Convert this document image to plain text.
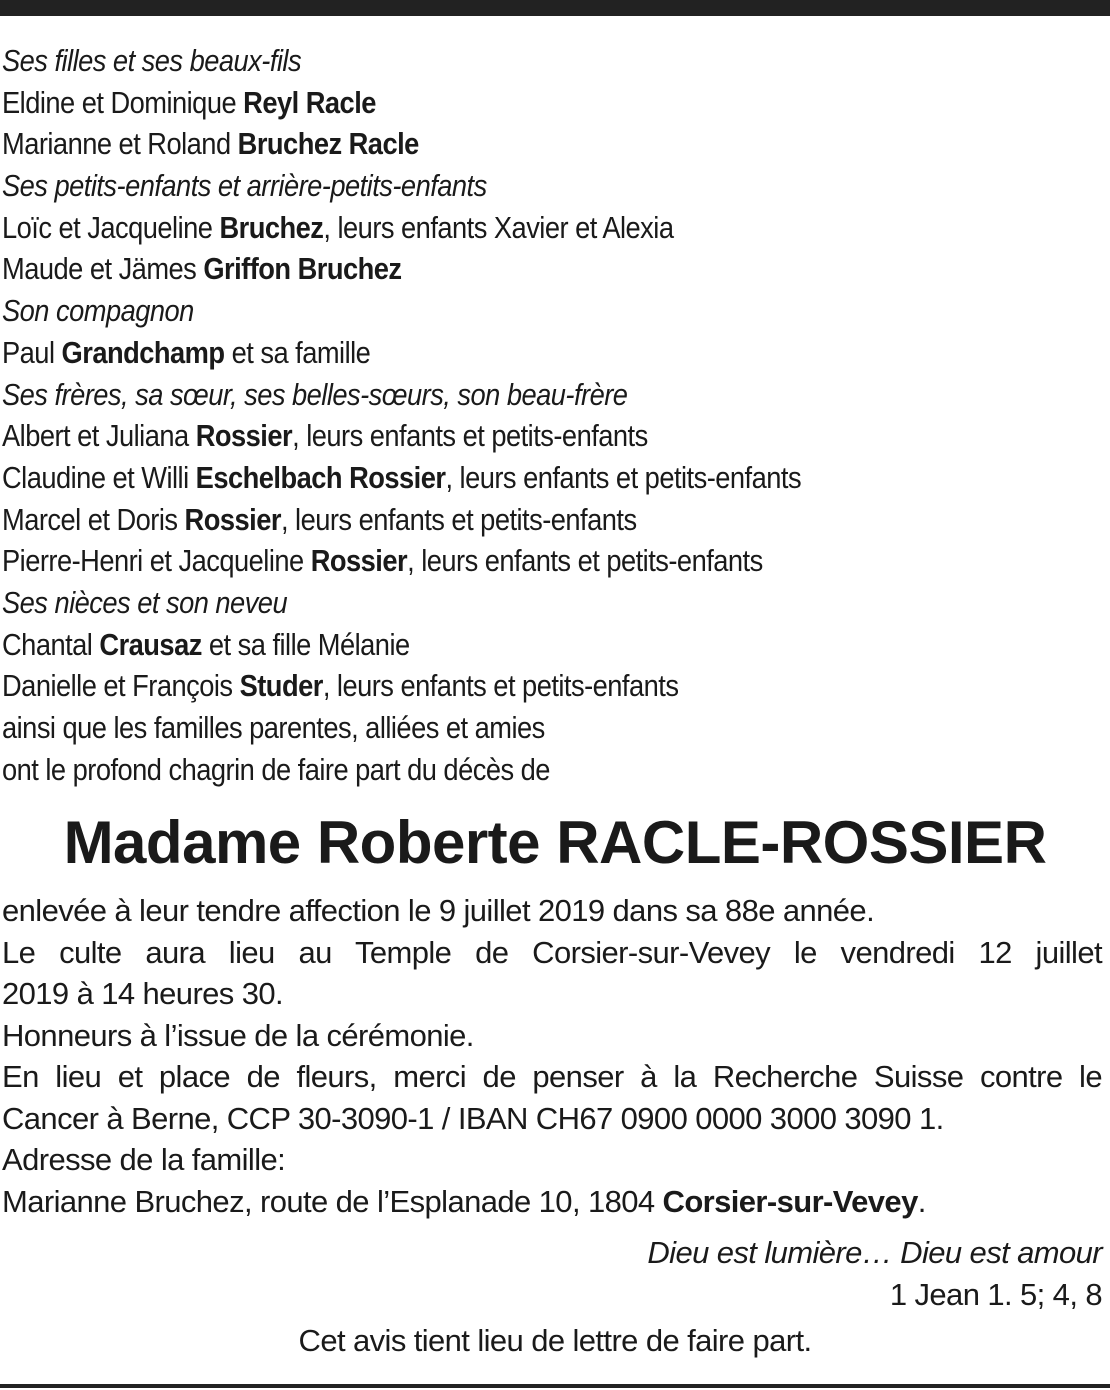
Ses filles et ses beaux-fils
Eldine et Dominique Reyl Racle
Marianne et Roland Bruchez Racle
Ses petits-enfants et arrière-petits-enfants
Loïc et Jacqueline Bruchez, leurs enfants Xavier et Alexia
Maude et Jämes Griffon Bruchez
Son compagnon
Paul Grandchamp et sa famille
Ses frères, sa sœur, ses belles-sœurs, son beau-frère
Albert et Juliana Rossier, leurs enfants et petits-enfants
Claudine et Willi Eschelbach Rossier, leurs enfants et petits-enfants
Marcel et Doris Rossier, leurs enfants et petits-enfants
Pierre-Henri et Jacqueline Rossier, leurs enfants et petits-enfants
Ses nièces et son neveu
Chantal Crausaz et sa fille Mélanie
Danielle et François Studer, leurs enfants et petits-enfants
ainsi que les familles parentes, alliées et amies
ont le profond chagrin de faire part du décès de
Madame Roberte RACLE-ROSSIER
enlevée à leur tendre affection le 9 juillet 2019 dans sa 88e année.
Le culte aura lieu au Temple de Corsier-sur-Vevey le vendredi 12 juillet
2019 à 14 heures 30.
Honneurs à l’issue de la cérémonie.
En lieu et place de fleurs, merci de penser à la Recherche Suisse contre le
Cancer à Berne, CCP 30-3090-1 / IBAN CH67 0900 0000 3000 3090 1.
Adresse de la famille:
Marianne Bruchez, route de l’Esplanade 10, 1804 Corsier-sur-Vevey.
Dieu est lumière… Dieu est amour
1 Jean 1. 5; 4, 8
Cet avis tient lieu de lettre de faire part.
